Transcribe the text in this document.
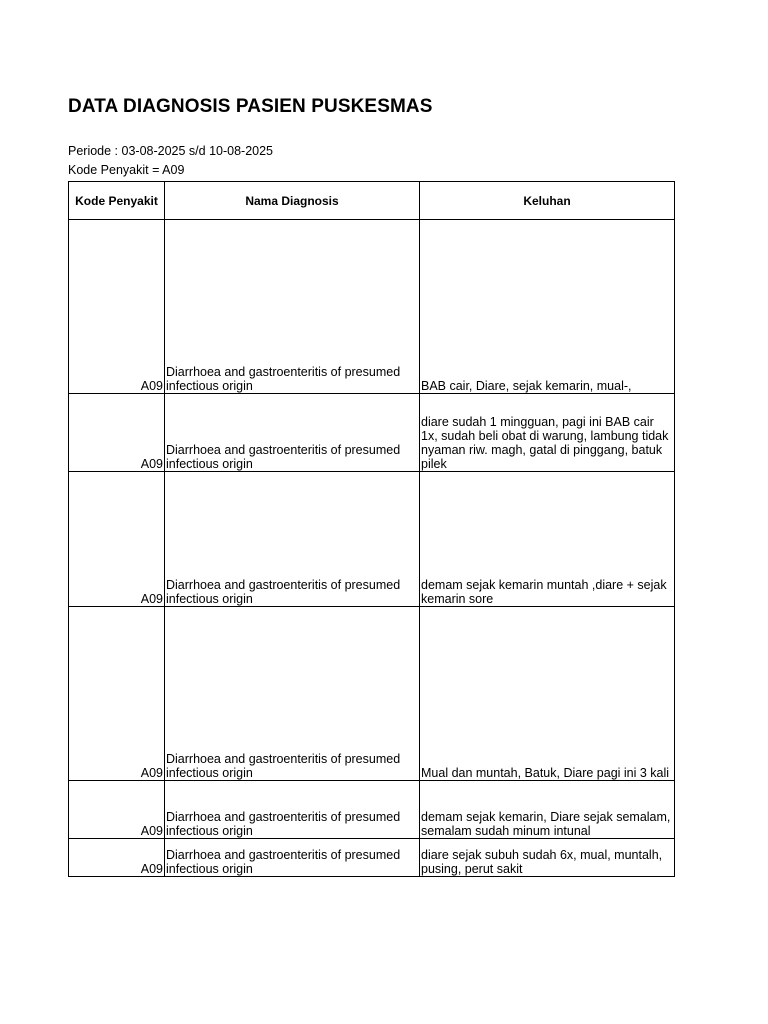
DATA DIAGNOSIS PASIEN PUSKESMAS
Periode : 03-08-2025 s/d 10-08-2025
Kode Penyakit = A09
Kode Penyakit	Nama Diagnosis	Keluhan
A09	Diarrhoea and gastroenteritis of presumed infectious origin	BAB cair, Diare, sejak kemarin, mual-,
A09	Diarrhoea and gastroenteritis of presumed infectious origin	diare sudah 1 mingguan, pagi ini BAB cair 1x, sudah beli obat di warung, lambung tidak nyaman riw. magh, gatal di pinggang, batuk pilek
A09	Diarrhoea and gastroenteritis of presumed infectious origin	demam sejak kemarin muntah ,diare + sejak kemarin sore
A09	Diarrhoea and gastroenteritis of presumed infectious origin	Mual dan muntah, Batuk, Diare pagi ini 3 kali
A09	Diarrhoea and gastroenteritis of presumed infectious origin	demam sejak kemarin, Diare sejak semalam, semalam sudah minum intunal
A09	Diarrhoea and gastroenteritis of presumed infectious origin	diare sejak subuh sudah 6x, mual, muntalh, pusing, perut sakit
